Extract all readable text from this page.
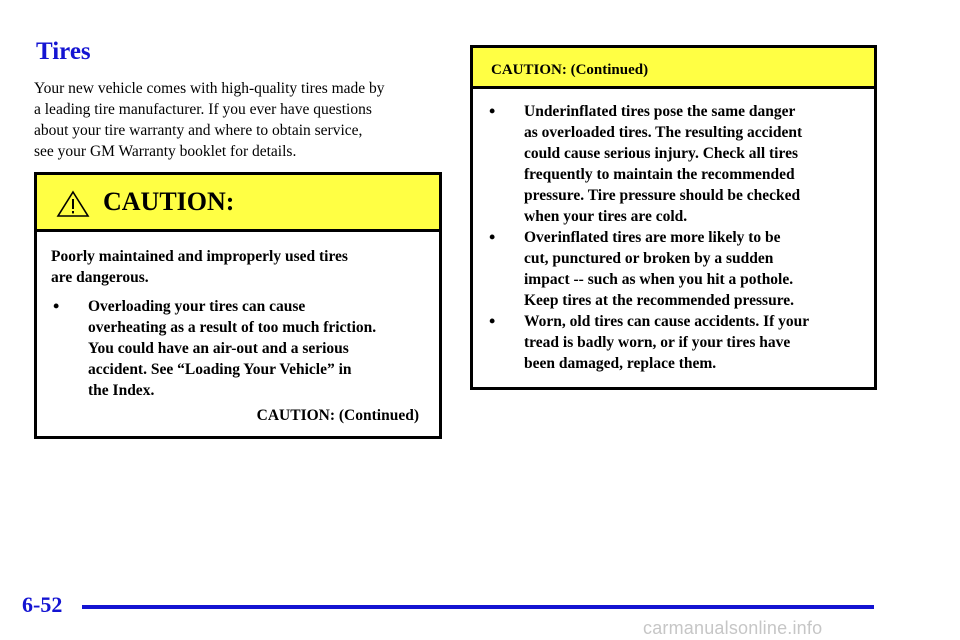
Tires

Your new vehicle comes with high-quality tires made by
a leading tire manufacturer. If you ever have questions
about your tire warranty and where to obtain service,
see your GM Warranty booklet for details.

CAUTION:

Poorly maintained and improperly used tires
are dangerous.

• Overloading your tires can cause
overheating as a result of too much friction.
You could have an air-out and a serious
accident. See “Loading Your Vehicle” in
the Index.
CAUTION: (Continued)
CAUTION: (Continued)
• Underinflated tires pose the same danger
as overloaded tires. The resulting accident
could cause serious injury. Check all tires
frequently to maintain the recommended
pressure. Tire pressure should be checked
when your tires are cold.
• Overinflated tires are more likely to be
cut, punctured or broken by a sudden
impact -- such as when you hit a pothole.
Keep tires at the recommended pressure.
• Worn, old tires can cause accidents. If your
tread is badly worn, or if your tires have
been damaged, replace them.
6-52
carmanualsonline.info
